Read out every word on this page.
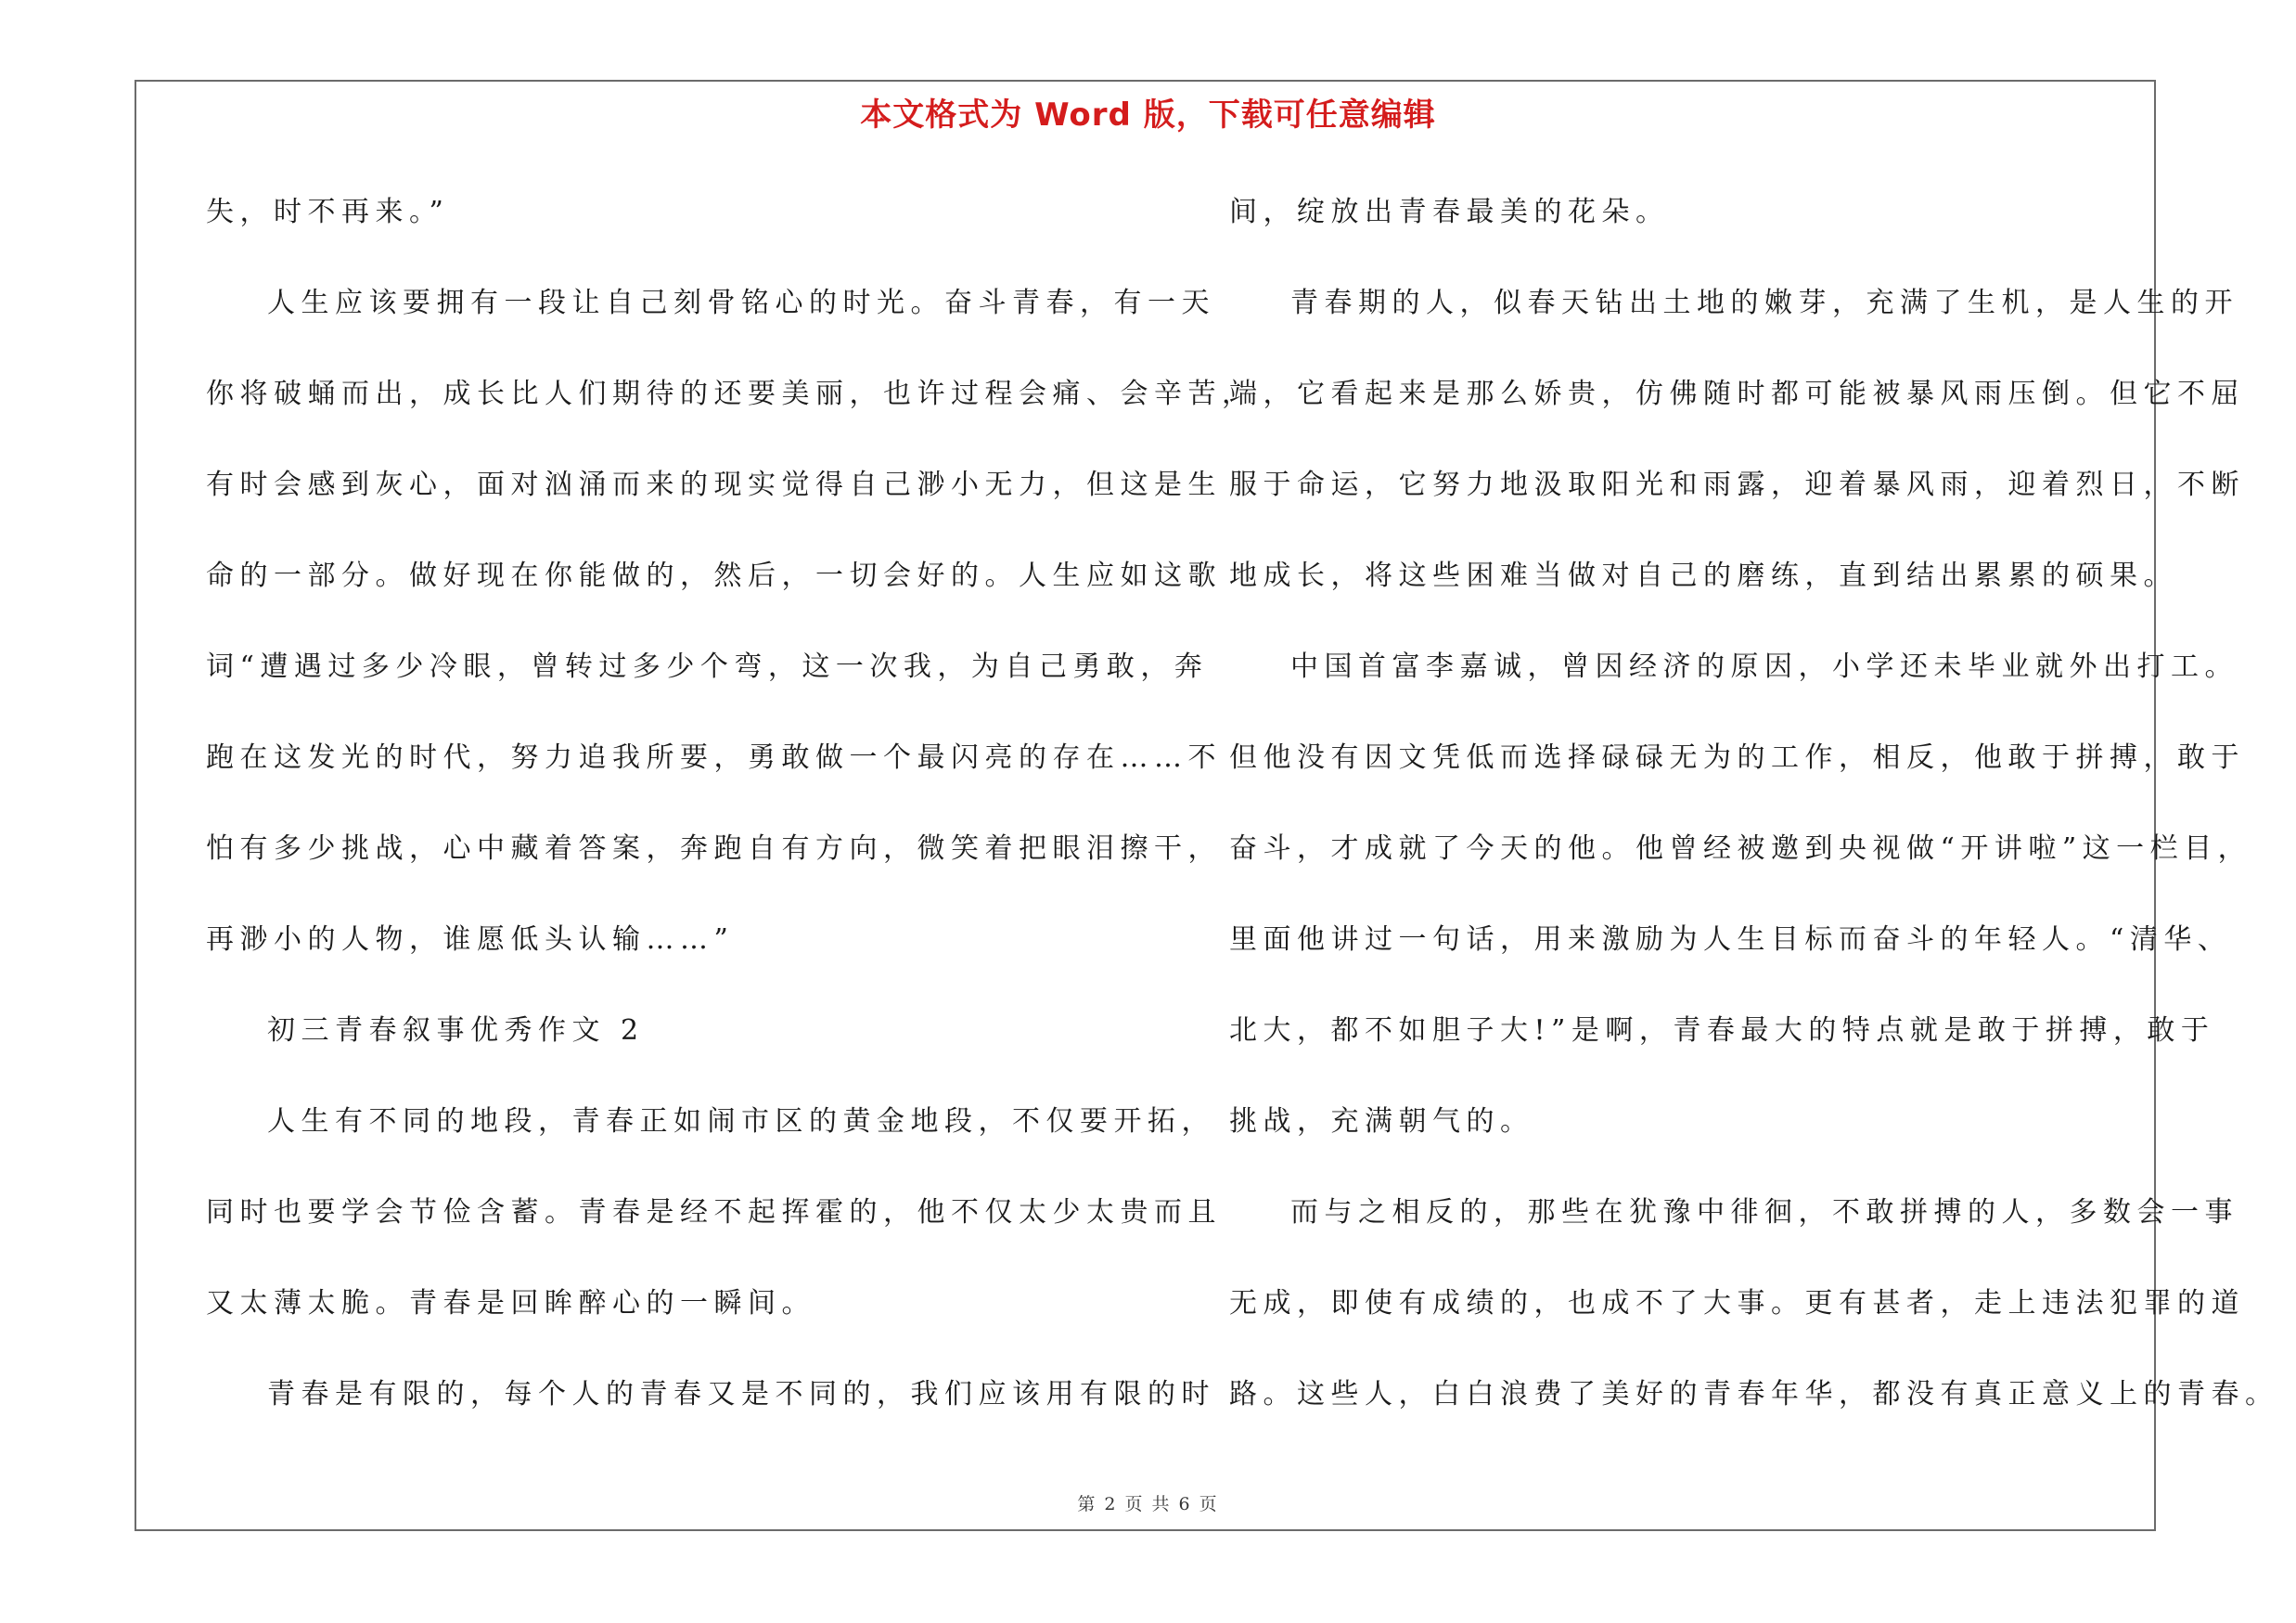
本文格式为 Word 版，下载可任意编辑
失，时不再来。”
人生应该要拥有一段让自己刻骨铭心的时光。奋斗青春，有一天
你将破蛹而出，成长比人们期待的还要美丽，也许过程会痛、会辛苦，
有时会感到灰心，面对汹涌而来的现实觉得自己渺小无力，但这是生
命的一部分。做好现在你能做的，然后，一切会好的。人生应如这歌
词“遭遇过多少冷眼，曾转过多少个弯，这一次我，为自己勇敢，奔
跑在这发光的时代，努力追我所要，勇敢做一个最闪亮的存在……不
怕有多少挑战，心中藏着答案，奔跑自有方向，微笑着把眼泪擦干，
再渺小的人物，谁愿低头认输……”
初三青春叙事优秀作文 2
人生有不同的地段，青春正如闹市区的黄金地段，不仅要开拓，
同时也要学会节俭含蓄。青春是经不起挥霍的，他不仅太少太贵而且
又太薄太脆。青春是回眸醉心的一瞬间。
青春是有限的，每个人的青春又是不同的，我们应该用有限的时
间，绽放出青春最美的花朵。
青春期的人，似春天钻出土地的嫩芽，充满了生机，是人生的开
端，它看起来是那么娇贵，仿佛随时都可能被暴风雨压倒。但它不屈
服于命运，它努力地汲取阳光和雨露，迎着暴风雨，迎着烈日，不断
地成长，将这些困难当做对自己的磨练，直到结出累累的硕果。
中国首富李嘉诚，曾因经济的原因，小学还未毕业就外出打工。
但他没有因文凭低而选择碌碌无为的工作，相反，他敢于拼搏，敢于
奋斗，才成就了今天的他。他曾经被邀到央视做“开讲啦”这一栏目，
里面他讲过一句话，用来激励为人生目标而奋斗的年轻人。“清华、
北大，都不如胆子大!”是啊，青春最大的特点就是敢于拼搏，敢于
挑战，充满朝气的。
而与之相反的，那些在犹豫中徘徊，不敢拼搏的人，多数会一事
无成，即使有成绩的，也成不了大事。更有甚者，走上违法犯罪的道
路。这些人，白白浪费了美好的青春年华，都没有真正意义上的青春。
第 2 页 共 6 页
